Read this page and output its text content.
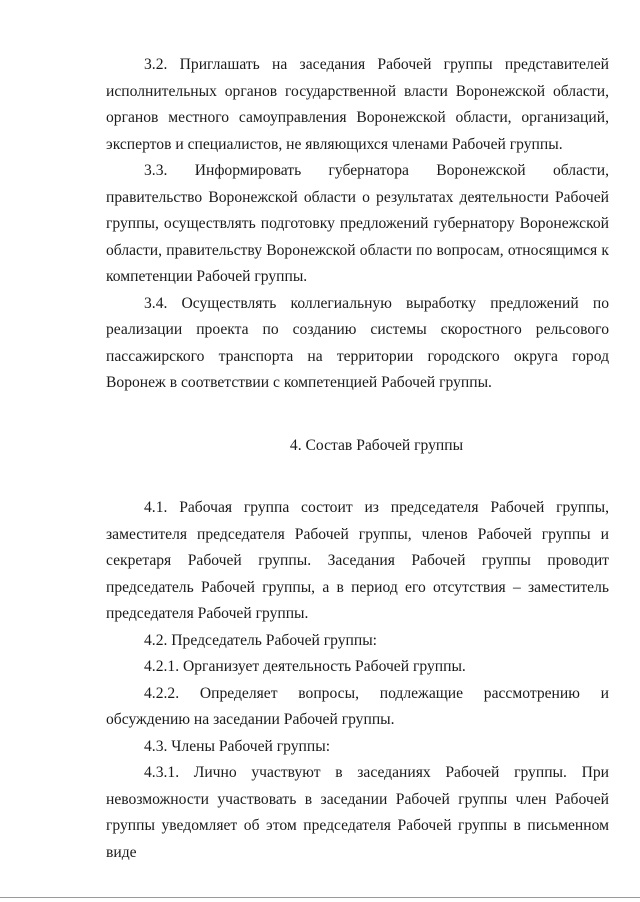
3.2. Приглашать на заседания Рабочей группы представителей исполнительных органов государственной власти Воронежской области, органов местного самоуправления Воронежской области, организаций, экспертов и специалистов, не являющихся членами Рабочей группы.

3.3. Информировать губернатора Воронежской области, правительство Воронежской области о результатах деятельности Рабочей группы, осуществлять подготовку предложений губернатору Воронежской области, правительству Воронежской области по вопросам, относящимся к компетенции Рабочей группы.

3.4. Осуществлять коллегиальную выработку предложений по реализации проекта по созданию системы скоростного рельсового пассажирского транспорта на территории городского округа город Воронеж в соответствии с компетенцией Рабочей группы.

4. Состав Рабочей группы

4.1. Рабочая группа состоит из председателя Рабочей группы, заместителя председателя Рабочей группы, членов Рабочей группы и секретаря Рабочей группы. Заседания Рабочей группы проводит председатель Рабочей группы, а в период его отсутствия – заместитель председателя Рабочей группы.

4.2. Председатель Рабочей группы:

4.2.1. Организует деятельность Рабочей группы.

4.2.2. Определяет вопросы, подлежащие рассмотрению и обсуждению на заседании Рабочей группы.

4.3. Члены Рабочей группы:

4.3.1. Лично участвуют в заседаниях Рабочей группы. При невозможности участвовать в заседании Рабочей группы член Рабочей группы уведомляет об этом председателя Рабочей группы в письменном виде
